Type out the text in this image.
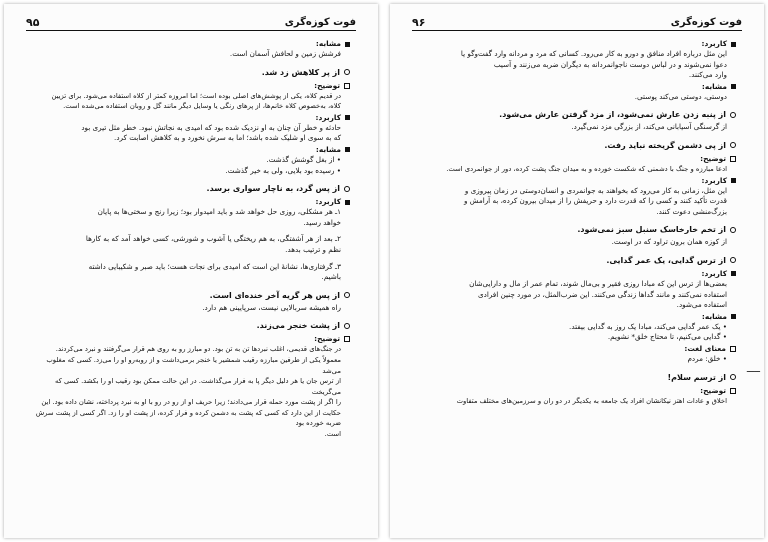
فوت کوزه‌گری
۹۵
مشابه:
فرشش زمین و لحافش آسمان است.
از پر کلاهش زد شد.
توضیح:
در قدیم کلاه، یکی از پوشش‌های اصلی بوده است؛ اما امروزه کمتر از کلاه استفاده می‌شود. برای تزیین
کلاه، به‌خصوص کلاه خانم‌ها، از پرهای رنگی یا وسایل دیگر مانند گل و روبان استفاده می‌شده است.
کاربرد:
حادثه و خطر آن چنان به او نزدیک شده بود که امیدی به نجاتش نبود. خطر مثل تیری بود
که به سوی او شلیک شده باشد؛ اما به سرش نخورد و به کلاهش اصابت کرد.
مشابه:
• از بغل گوشش گذشت.
• رسیده بود بلایی، ولی به خیر گذشت.
از پس گرد، به ناچار سواری برسد.
کاربرد:
۱ـ هر مشکلی، روزی حل خواهد شد و باید امیدوار بود؛ زیرا رنج و سختی‌ها به پایان
خواهد رسید.
۲ـ بعد از هر آشفتگی، به هم ریختگی یا آشوب و شورشی، کسی خواهد آمد که به کارها
نظم و ترتیب بدهد.
۳ـ گرفتاری‌ها، نشانهٔ این است که امیدی برای نجات هست؛ باید صبر و شکیبایی داشته
باشیم.
از پس هر گریه آخر خنده‌ای است.
راه همیشه سربالایی نیست، سرپایینی هم دارد.
از پشت خنجر می‌زند.
توضیح:
در جنگ‌های قدیمی، اغلب نبردها تن به تن بود. دو مبارز رو به روی هم قرار می‌گرفتند و نبرد می‌کردند.
معمولاً یکی از طرفین مبارزه رقیب شمشیر یا خنجر برمی‌داشت و از روبه‌رو او را می‌زد. کسی که مغلوب می‌شد
از ترس جان یا هر دلیل دیگر پا به فرار می‌گذاشت. در این حالت ممکن بود رقیب او را بکشد. کسی که می‌گریخت
را اگر از پشت مورد حمله قرار می‌دادند؛ زیرا حریف او از رو در رو با او به نبرد پرداخته، نشان داده بود. این
حکایت از این دارد که کسی که پشت به دشمن کرده و فرار کرده، از پشت او را زد. اگر کسی از پشت سرش ضربه خورده بود
است.
فوت کوزه‌گری
۹۶
کاربرد:
این مثل درباره افراد منافق و دورو به کار می‌رود. کسانی که مرد و مردانه وارد گفت‌وگو یا
دعوا نمی‌شوند و در لباس دوست ناجوانمردانه به دیگران ضربه می‌زنند و آسیب
وارد می‌کنند.
مشابه:
دوستی، دوستی می‌کند پوستی.
از پنبه زدن عارش نمی‌شود، از مزد گرفتن عارش می‌شود.
از گرسنگی آسیابانی می‌کند، از بزرگی مزد نمی‌گیرد.
از پی دشمن گریخته نباید رفت.
توضیح:
ادعا مبارزه و جنگ با دشمنی که شکست خورده و به میدان جنگ پشت کرده، دور از جوانمردی است.
کاربرد:
این مثل، زمانی به کار می‌رود که بخواهند به جوانمردی و انسان‌دوستی در زمان پیروزی و
قدرت تأکید کنند و کسی را که قدرت دارد و حریفش را از میدان بیرون کرده، به آرامش و
بزرگ‌منشی دعوت کنند.
از تخم خارخاسک سنبل سبز نمی‌شود.
از کوزه همان برون تراود که در اوست.
از ترس گدایی، یک عمر گدایی.
کاربرد:
بعضی‌ها از ترس این که مبادا روزی فقیر و بی‌مال شوند، تمام عمر از مال و دارایی‌شان
استفاده نمی‌کنند و مانند گداها زندگی می‌کنند. این ضرب‌المثل، در مورد چنین افرادی
استفاده می‌شود.
مشابه:
• یک عمر گدایی می‌کند، مبادا یک روز به گدایی بیفتد.
• گدایی می‌کنیم، تا محتاج خلق* نشویم.
معنای لغت:
• خلق: مردم
از ترسم سلام!
توضیح:
اخلاق و عادات اهتز نیکانشان افراد یک جامعه به یکدیگر در دو ران و سرزمین‌های مختلف متفاوت
ـــــ
